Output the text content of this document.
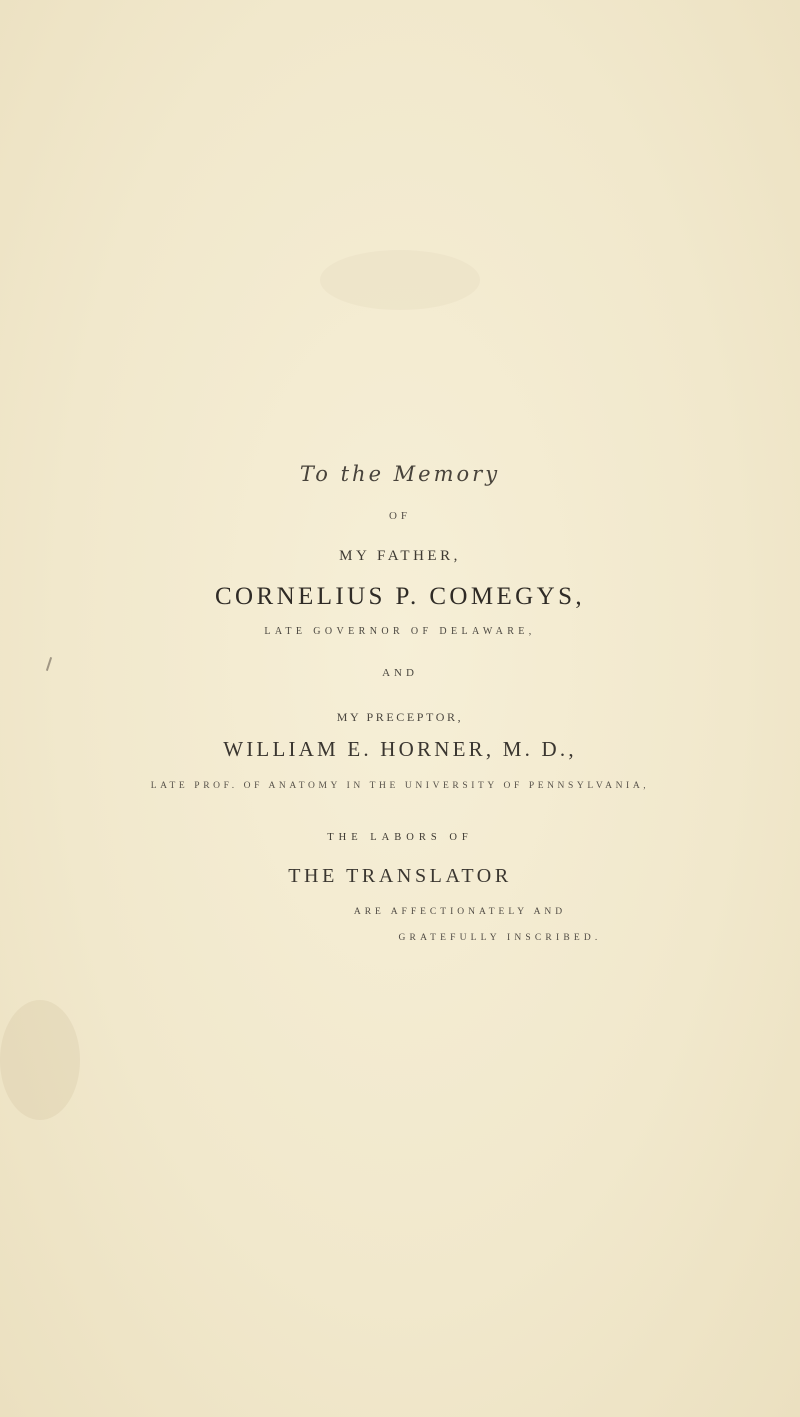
To the Memory
OF
MY FATHER,
CORNELIUS P. COMEGYS,
LATE GOVERNOR OF DELAWARE,
AND
MY PRECEPTOR,
WILLIAM E. HORNER, M. D.,
LATE PROF. OF ANATOMY IN THE UNIVERSITY OF PENNSYLVANIA,
THE LABORS OF
THE TRANSLATOR
ARE AFFECTIONATELY AND
GRATEFULLY INSCRIBED.
